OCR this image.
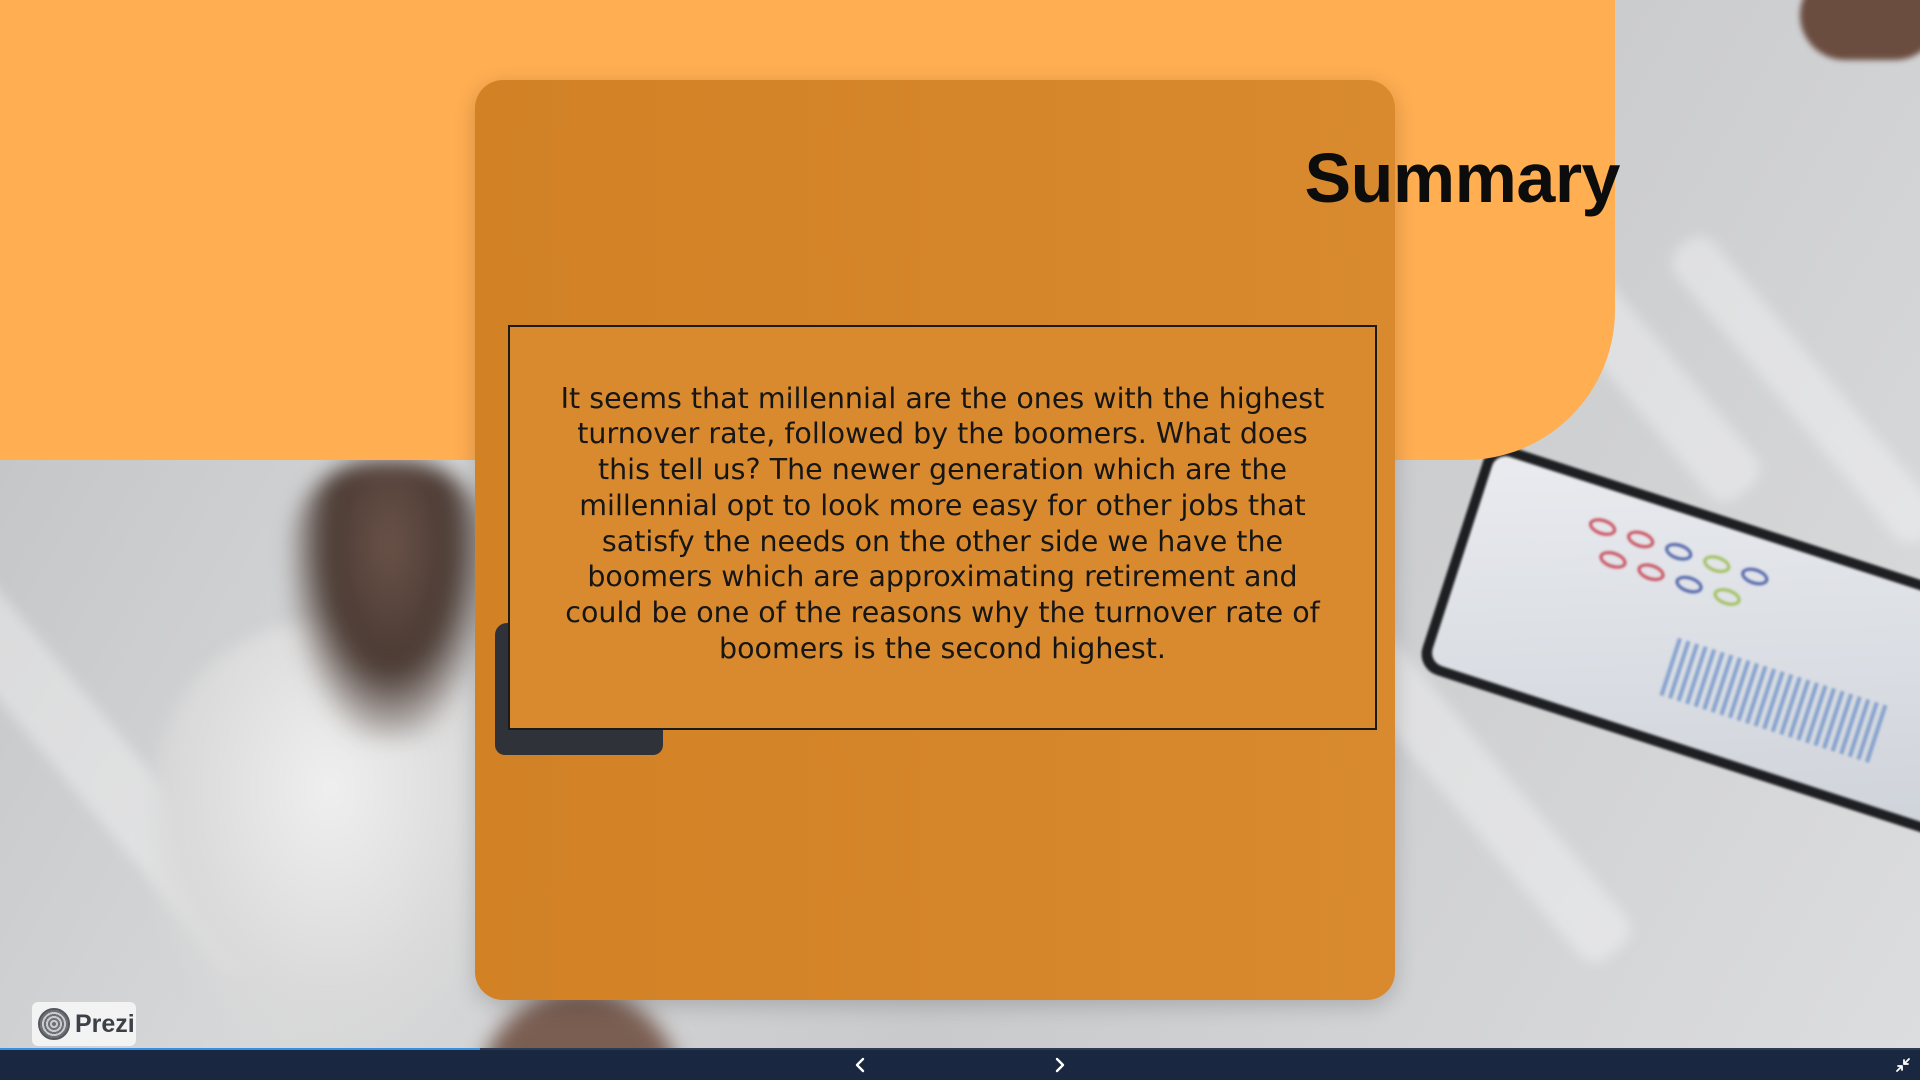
Summary

It seems that millennial are the ones with the highest turnover rate, followed by the boomers. What does this tell us? The newer generation which are the millennial opt to look more easy for other jobs that satisfy the needs on the other side we have the boomers which are approximating retirement and could be one of the reasons why the turnover rate of boomers is the second highest.

Prezi
